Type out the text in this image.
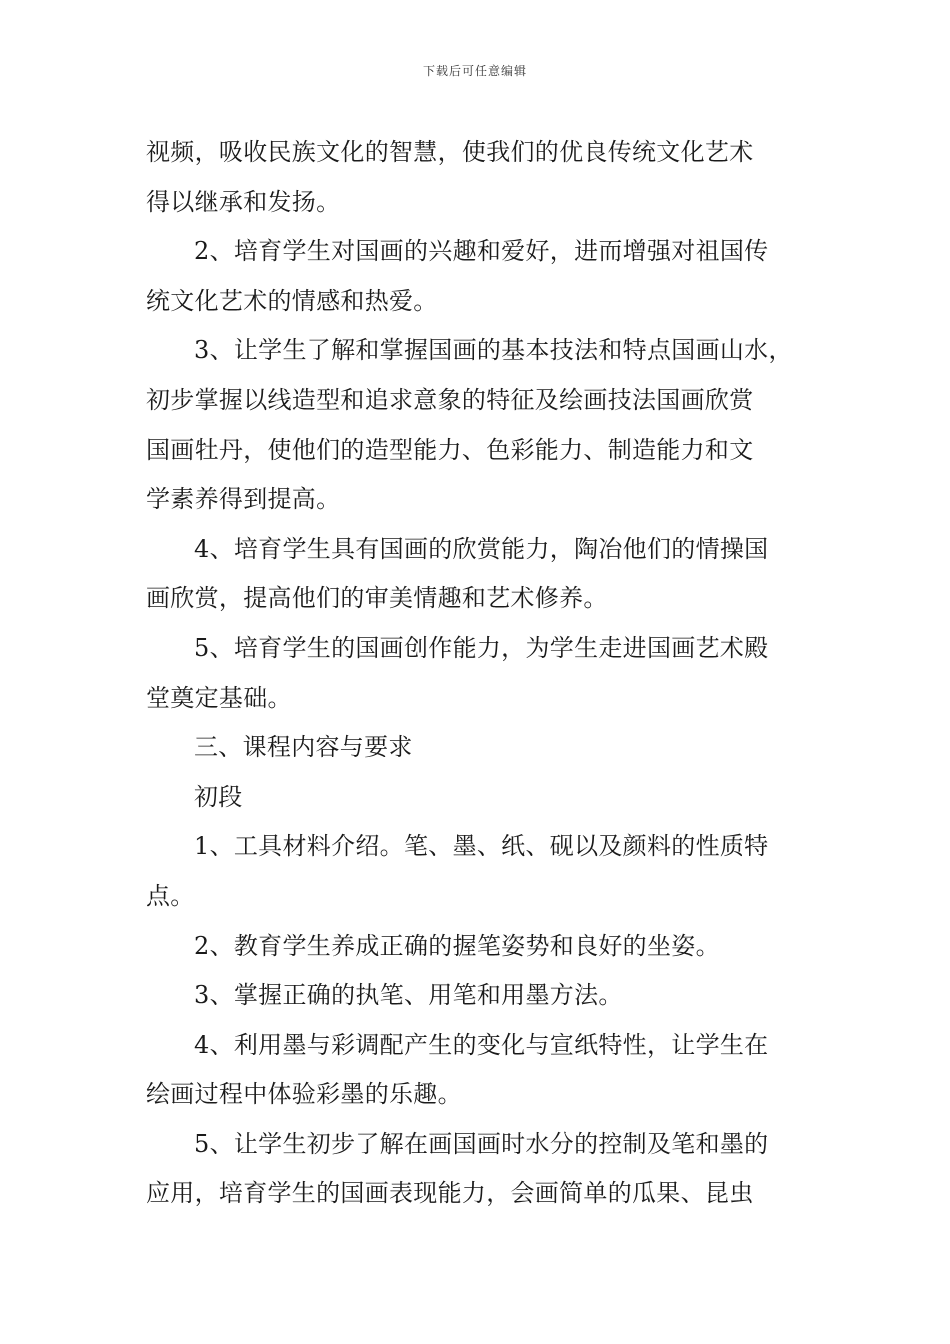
下载后可任意编辑
视频，吸收民族文化的智慧，使我们的优良传统文化艺术
得以继承和发扬。
2、培育学生对国画的兴趣和爱好，进而增强对祖国传
统文化艺术的情感和热爱。
3、让学生了解和掌握国画的基本技法和特点国画山水，
初步掌握以线造型和追求意象的特征及绘画技法国画欣赏
国画牡丹，使他们的造型能力、色彩能力、制造能力和文
学素养得到提高。
4、培育学生具有国画的欣赏能力，陶冶他们的情操国
画欣赏，提高他们的审美情趣和艺术修养。
5、培育学生的国画创作能力，为学生走进国画艺术殿
堂奠定基础。
三、课程内容与要求
初段
1、工具材料介绍。笔、墨、纸、砚以及颜料的性质特
点。
2、教育学生养成正确的握笔姿势和良好的坐姿。
3、掌握正确的执笔、用笔和用墨方法。
4、利用墨与彩调配产生的变化与宣纸特性，让学生在
绘画过程中体验彩墨的乐趣。
5、让学生初步了解在画国画时水分的控制及笔和墨的
应用，培育学生的国画表现能力，会画简单的瓜果、昆虫
